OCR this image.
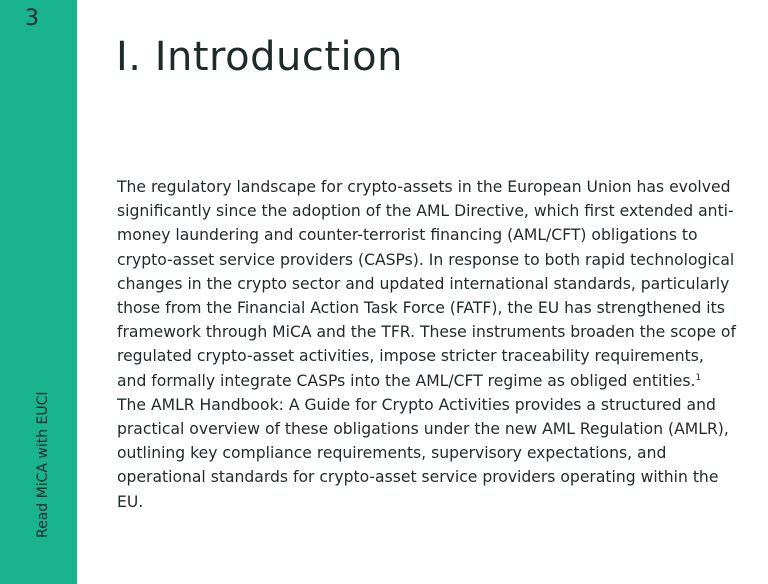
3
Read MiCA with EUCI
I. Introduction

The regulatory landscape for crypto-assets in the European Union has evolved significantly since the adoption of the AML Directive, which first extended anti-money laundering and counter-terrorist financing (AML/CFT) obligations to crypto-asset service providers (CASPs). In response to both rapid technological changes in the crypto sector and updated international standards, particularly those from the Financial Action Task Force (FATF), the EU has strengthened its framework through MiCA and the TFR. These instruments broaden the scope of regulated crypto-asset activities, impose stricter traceability requirements, and formally integrate CASPs into the AML/CFT regime as obliged entities.$^1$

The AMLR Handbook: A Guide for Crypto Activities provides a structured and practical overview of these obligations under the new AML Regulation (AMLR), outlining key compliance requirements, supervisory expectations, and operational standards for crypto-asset service providers operating within the EU.
